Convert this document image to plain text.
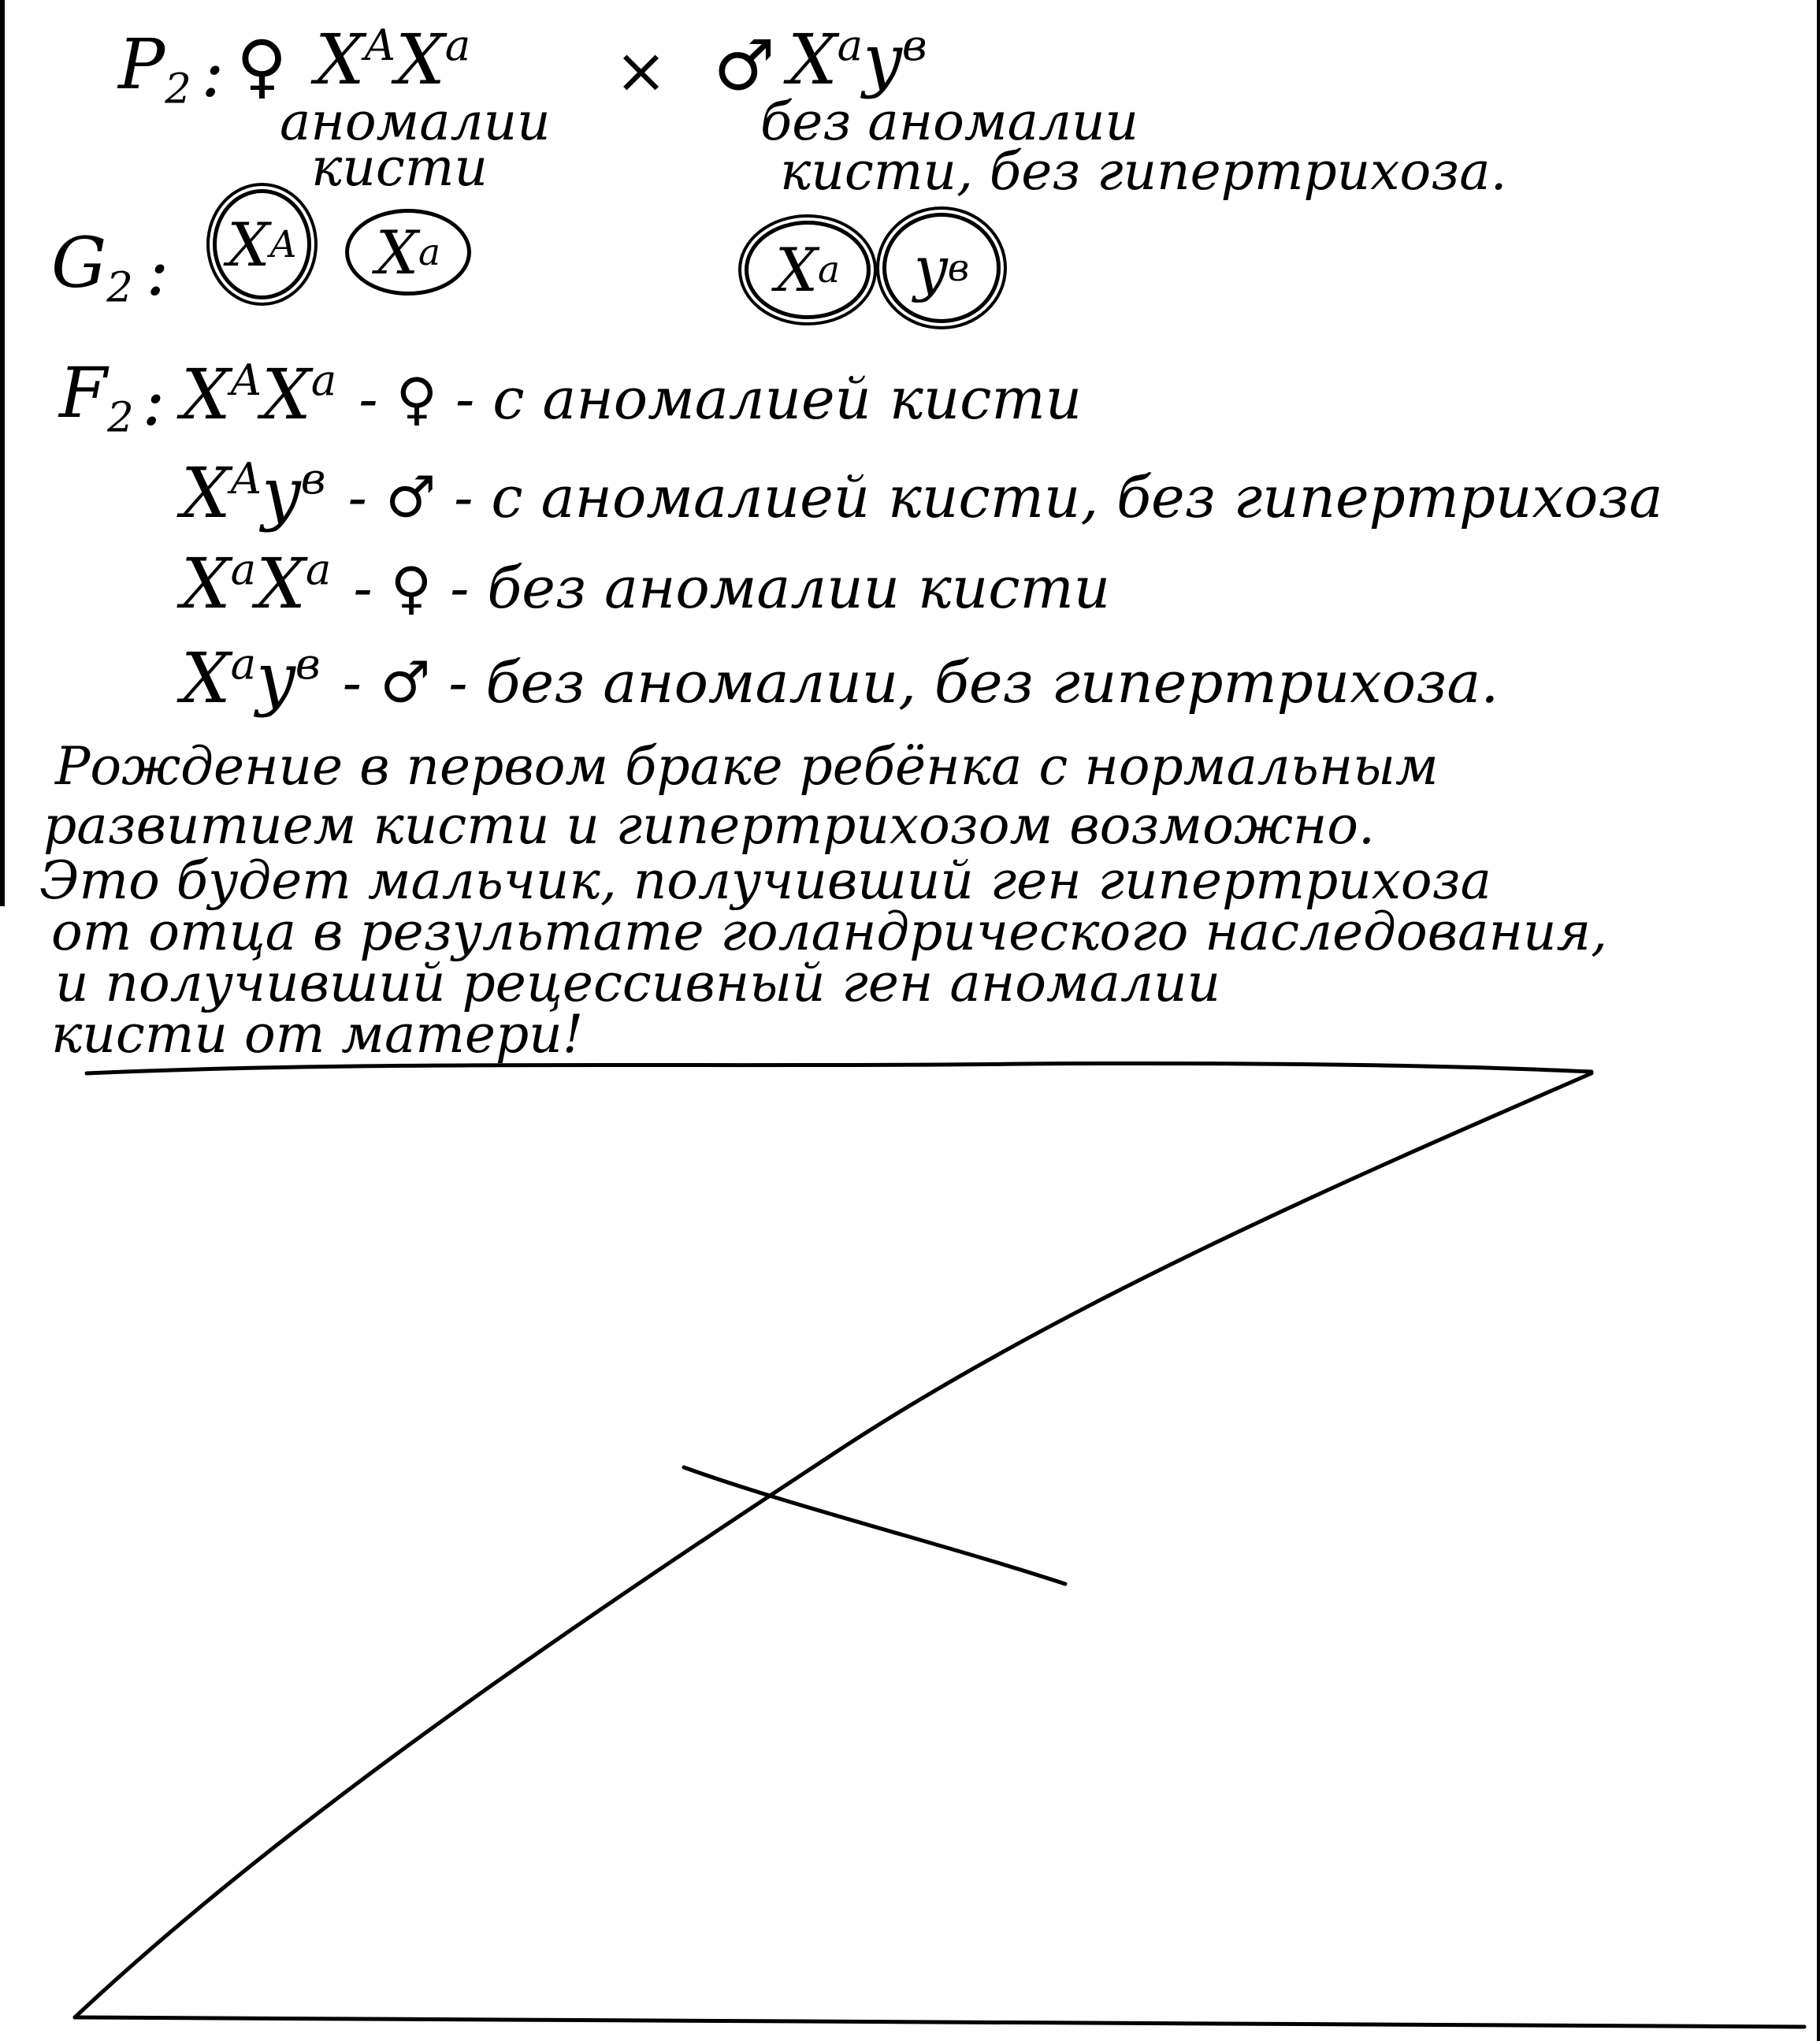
$P_2$ : ♀ $X^AX^a$ × ♂ $X^ay^в$
аномалии
кисти
без аномалии
кисти, без гипертрихоза.
$G_2$ : X A X a	X a y в
$F_2$ : $X^AX^a$ - ♀ - с аномалией кисти
$X^Ay^в$ - ♂ - с аномалией кисти, без гипертрихоза
$X^aX^a$ - ♀ - без аномалии кисти
$X^ay^в$ - ♂ - без аномалии, без гипертрихоза.
Рождение в первом браке ребёнка с нормальным
развитием кисти и гипертрихозом возможно.
Это будет мальчик, получивший ген гипертрихоза
от отца в результате голандрического наследования,
и получивший рецессивный ген аномалии
кисти от матери!
